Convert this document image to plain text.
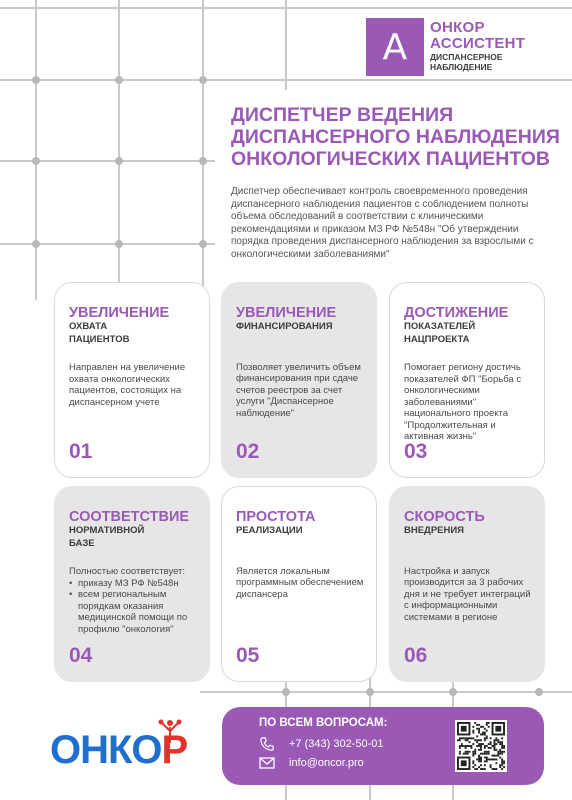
А ОНКОР
АССИСТЕНТ
ДИСПАНСЕРНОЕ
НАБЛЮДЕНИЕ
ДИСПЕТЧЕР ВЕДЕНИЯ
ДИСПАНСЕРНОГО НАБЛЮДЕНИЯ
ОНКОЛОГИЧЕСКИХ ПАЦИЕНТОВ
Диспетчер обеспечивает контроль своевременного проведения диспансерного наблюдения пациентов с соблюдением полноты объема обследований в соответствии с клиническими рекомендациями и приказом МЗ РФ №548н "Об утверждении порядка проведения диспансерного наблюдения за взрослыми с онкологическими заболеваниями"
УВЕЛИЧЕНИЕ
ОХВАТА
ПАЦИЕНТОВ
Направлен на увеличение охвата онкологических пациентов, состоящих на диспансерном учете
01
УВЕЛИЧЕНИЕ
ФИНАНСИРОВАНИЯ
Позволяет увеличить объем финансирования при сдаче счетов реестров за счет услуги "Диспансерное наблюдение"
02
ДОСТИЖЕНИЕ
ПОКАЗАТЕЛЕЙ
НАЦПРОЕКТА
Помогает региону достичь показателей ФП "Борьба с онкологическими заболеваниями" национального проекта "Продолжительная и активная жизнь"
03
СООТВЕТСТВИЕ
НОРМАТИВНОЙ
БАЗЕ
Полностью соответствует:
• приказу МЗ РФ №548н
• всем региональным порядкам оказания медицинской помощи по профилю "онкология"
04
ПРОСТОТА
РЕАЛИЗАЦИИ
Является локальным программным обеспечением диспансера
05
СКОРОСТЬ
ВНЕДРЕНИЯ
Настройка и запуск производится за 3 рабочих дня и не требует интеграций с информационными системами в регионе
06
ОНКОР
ПО ВСЕМ ВОПРОСАМ:
+7 (343) 302-50-01
info@oncor.pro
